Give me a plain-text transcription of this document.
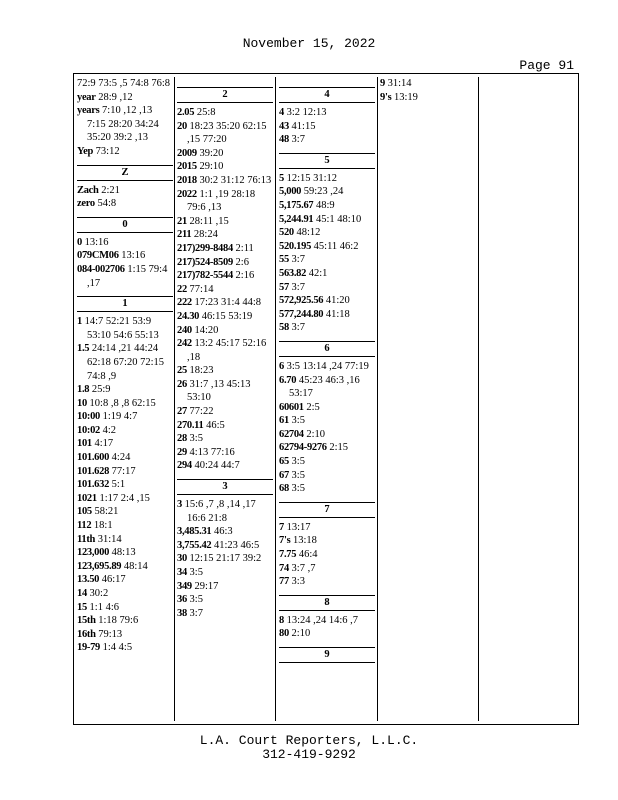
November 15, 2022
Page 91
72:9 73:5 ,5 74:8 76:8
year 28:9 ,12
years 7:10 ,12 ,13 7:15 28:20 34:24 35:20 39:2 ,13
Yep 73:12
Z
Zach 2:21
zero 54:8
0
0 13:16
079CM06 13:16
084-002706 1:15 79:4 ,17
1
1 14:7 52:21 53:9 53:10 54:6 55:13
1.5 24:14 ,21 44:24 62:18 67:20 72:15 74:8 ,9
1.8 25:9
10 10:8 ,8 ,8 62:15
10:00 1:19 4:7
10:02 4:2
101 4:17
101.600 4:24
101.628 77:17
101.632 5:1
1021 1:17 2:4 ,15
105 58:21
112 18:1
11th 31:14
123,000 48:13
123,695.89 48:14
13.50 46:17
14 30:2
15 1:1 4:6
15th 1:18 79:6
16th 79:13
19-79 1:4 4:5
2
2.05 25:8
20 18:23 35:20 62:15 ,15 77:20
2009 39:20
2015 29:10
2018 30:2 31:12 76:13
2022 1:1 ,19 28:18 79:6 ,13
21 28:11 ,15
211 28:24
217)299-8484 2:11
217)524-8509 2:6
217)782-5544 2:16
22 77:14
222 17:23 31:4 44:8
24.30 46:15 53:19
240 14:20
242 13:2 45:17 52:16 ,18
25 18:23
26 31:7 ,13 45:13 53:10
27 77:22
270.11 46:5
28 3:5
29 4:13 77:16
294 40:24 44:7
3
3 15:6 ,7 ,8 ,14 ,17 16:6 21:8
3,485.31 46:3
3,755.42 41:23 46:5
30 12:15 21:17 39:2
34 3:5
349 29:17
36 3:5
38 3:7
4
4 3:2 12:13
43 41:15
48 3:7
5
5 12:15 31:12
5,000 59:23 ,24
5,175.67 48:9
5,244.91 45:1 48:10
520 48:12
520.195 45:11 46:2
55 3:7
563.82 42:1
57 3:7
572,925.56 41:20
577,244.80 41:18
58 3:7
6
6 3:5 13:14 ,24 77:19
6.70 45:23 46:3 ,16 53:17
60601 2:5
61 3:5
62704 2:10
62794-9276 2:15
65 3:5
67 3:5
68 3:5
7
7 13:17
7's 13:18
7.75 46:4
74 3:7 ,7
77 3:3
8
8 13:24 ,24 14:6 ,7
80 2:10
9
9 31:14
9's 13:19
L.A. Court Reporters, L.L.C.
312-419-9292
